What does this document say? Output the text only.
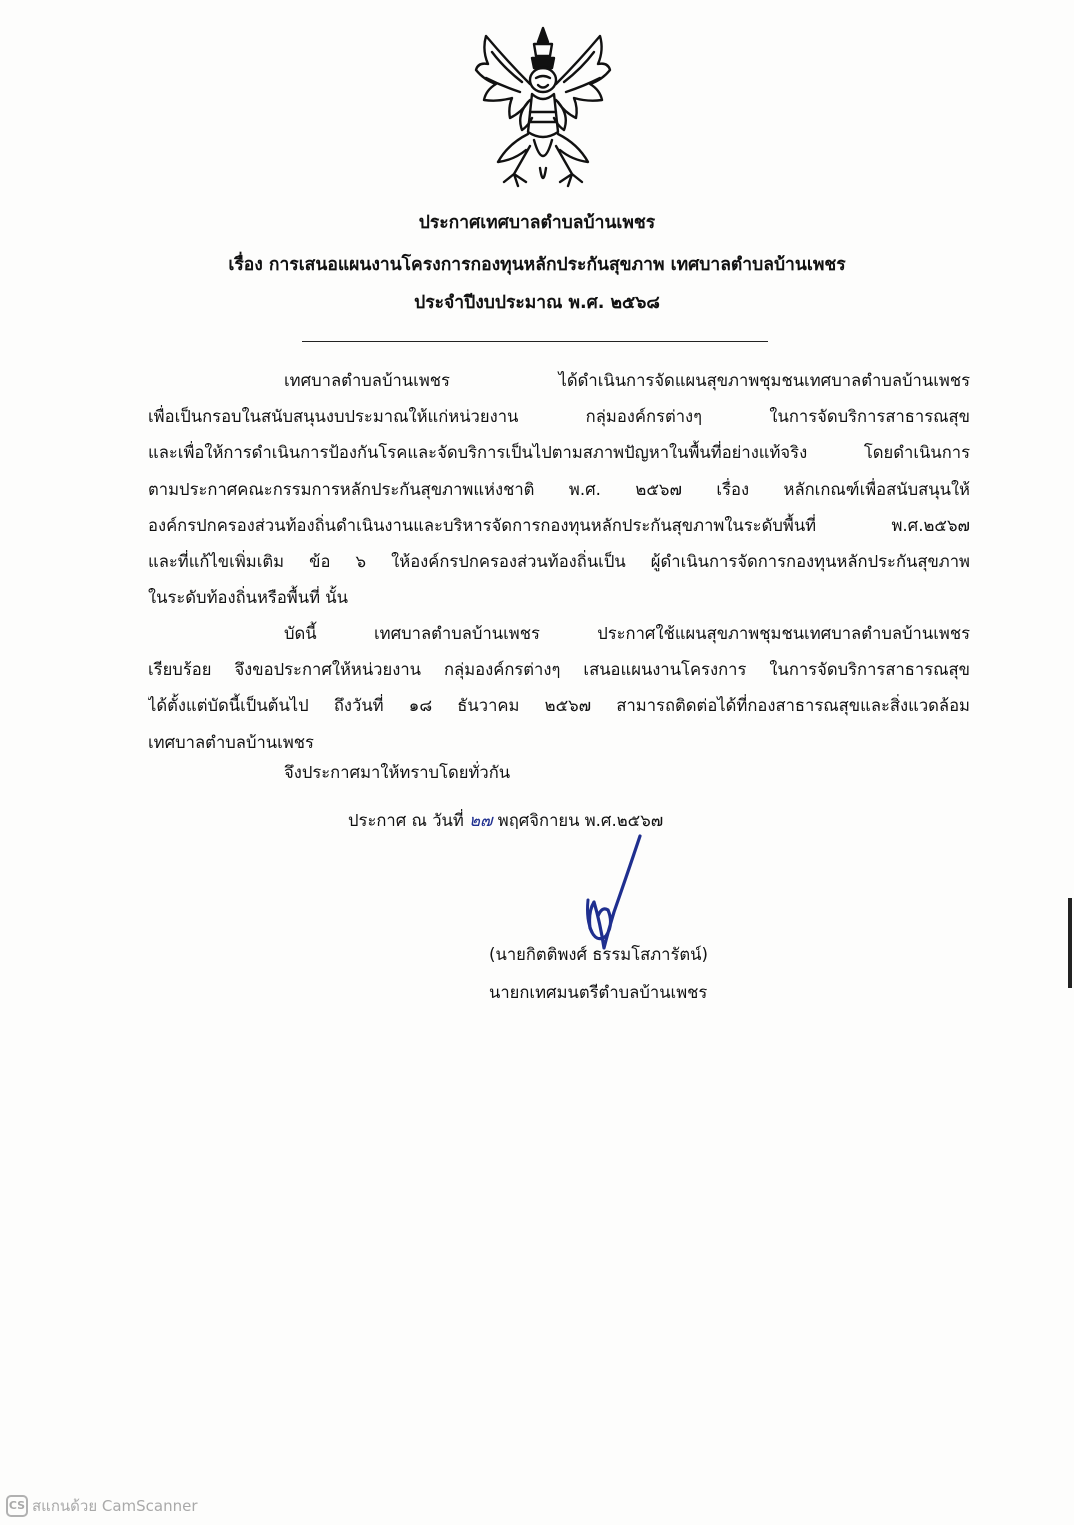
ประกาศเทศบาลตำบลบ้านเพชร
เรื่อง การเสนอแผนงานโครงการกองทุนหลักประกันสุขภาพ เทศบาลตำบลบ้านเพชร
ประจำปีงบประมาณ พ.ศ. ๒๕๖๘
เทศบาลตำบลบ้านเพชร ได้ดำเนินการจัดแผนสุขภาพชุมชนเทศบาลตำบลบ้านเพชร
เพื่อเป็นกรอบในสนับสนุนงบประมาณให้แก่หน่วยงาน กลุ่มองค์กรต่างๆ ในการจัดบริการสาธารณสุข
และเพื่อให้การดำเนินการป้องกันโรคและจัดบริการเป็นไปตามสภาพปัญหาในพื้นที่อย่างแท้จริง โดยดำเนินการ
ตามประกาศคณะกรรมการหลักประกันสุขภาพแห่งชาติ พ.ศ. ๒๕๖๗ เรื่อง หลักเกณฑ์เพื่อสนับสนุนให้
องค์กรปกครองส่วนท้องถิ่นดำเนินงานและบริหารจัดการกองทุนหลักประกันสุขภาพในระดับพื้นที่ พ.ศ.๒๕๖๗
และที่แก้ไขเพิ่มเติม ข้อ ๖ ให้องค์กรปกครองส่วนท้องถิ่นเป็น ผู้ดำเนินการจัดการกองทุนหลักประกันสุขภาพ
ในระดับท้องถิ่นหรือพื้นที่ นั้น
บัดนี้ เทศบาลตำบลบ้านเพชร ประกาศใช้แผนสุขภาพชุมชนเทศบาลตำบลบ้านเพชร
เรียบร้อย จึงขอประกาศให้หน่วยงาน กลุ่มองค์กรต่างๆ เสนอแผนงานโครงการ ในการจัดบริการสาธารณสุข
ได้ตั้งแต่บัดนี้เป็นต้นไป ถึงวันที่ ๑๘ ธันวาคม ๒๕๖๗ สามารถติดต่อได้ที่กองสาธารณสุขและสิ่งแวดล้อม
เทศบาลตำบลบ้านเพชร
จึงประกาศมาให้ทราบโดยทั่วกัน
ประกาศ ณ วันที่ ๒๗ พฤศจิกายน พ.ศ.๒๕๖๗
(นายกิตติพงศ์ ธรรมโสภารัตน์)
นายกเทศมนตรีตำบลบ้านเพชร
CS สแกนด้วย CamScanner
